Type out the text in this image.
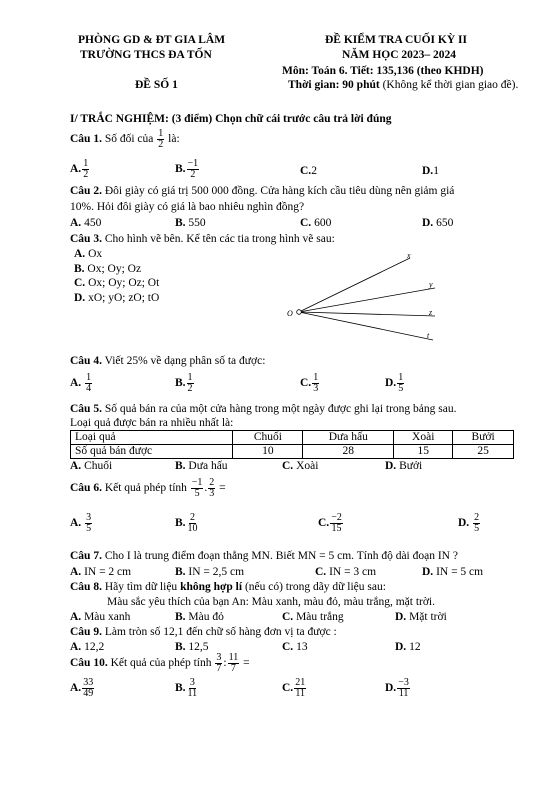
PHÒNG GD & ĐT GIA LÂM
TRƯỜNG THCS ĐA TỐN
ĐỀ SỐ 1
ĐỀ KIỂM TRA CUỐI KỲ II
NĂM HỌC 2023– 2024
Môn: Toán 6. Tiết: 135,136 (theo KHDH)
Thời gian: 90 phút (Không kể thời gian giao đề).
I/ TRẮC NGHIỆM: (3 điểm) Chọn chữ cái trước câu trả lời đúng
Câu 1. Số đối của $\frac{1}{2}$ là:
A. $\frac{1}{2}$	B. $\frac{-1}{2}$	C.2	D.1
Câu 2. Đôi giày có giá trị 500 000 đồng. Cửa hàng kích cầu tiêu dùng nên giảm giá
10%. Hỏi đôi giày có giá là bao nhiêu nghìn đồng?
A. 450	B. 550	C. 600	D. 650
Câu 3. Cho hình vẽ bên. Kể tên các tia trong hình vẽ sau:
A. Ox
B. Ox; Oy; Oz
C. Ox; Oy; Oz; Ot
D. xO; yO; zO; tO
O
x
y
z
t
Câu 4. Viết 25% về dạng phân số ta được:
A. $\frac{1}{4}$	B. $\frac{1}{2}$	C. $\frac{1}{3}$	D. $\frac{1}{5}$
Câu 5. Số quả bán ra của một cửa hàng trong một ngày được ghi lại trong bảng sau.
Loại quả được bán ra nhiều nhất là:
Loại quả	Chuối	Dưa hấu	Xoài	Bưởi
Số quả bán được	10	28	15	25
A. Chuối	B. Dưa hấu	C. Xoài	D. Bưởi
Câu 6. Kết quả phép tính $\frac{-1}{5}$ . $\frac{2}{3}$ =
A. $\frac{3}{5}$	B. $\frac{2}{10}$	C. $\frac{-2}{15}$	D. $\frac{2}{5}$
Câu 7. Cho I là trung điểm đoạn thẳng MN. Biết MN = 5 cm. Tính độ dài đoạn IN ?
A. IN = 2 cm	B. IN = 2,5 cm	C. IN = 3 cm	D. IN = 5 cm
Câu 8. Hãy tìm dữ liệu không hợp lí (nếu có) trong dãy dữ liệu sau:
Màu sắc yêu thích của bạn An: Màu xanh, màu đỏ, màu trắng, mặt trời.
A. Màu xanh	B. Màu đỏ	C. Màu trắng	D. Mặt trời
Câu 9. Làm tròn số 12,1 đến chữ số hàng đơn vị ta được :
A. 12,2	B. 12,5	C. 13	D. 12
Câu 10. Kết quả của phép tính $\frac{3}{7}$ : $\frac{11}{7}$ =
A. $\frac{33}{49}$	B. $\frac{3}{11}$	C. $\frac{21}{11}$	D. $\frac{-3}{11}$
